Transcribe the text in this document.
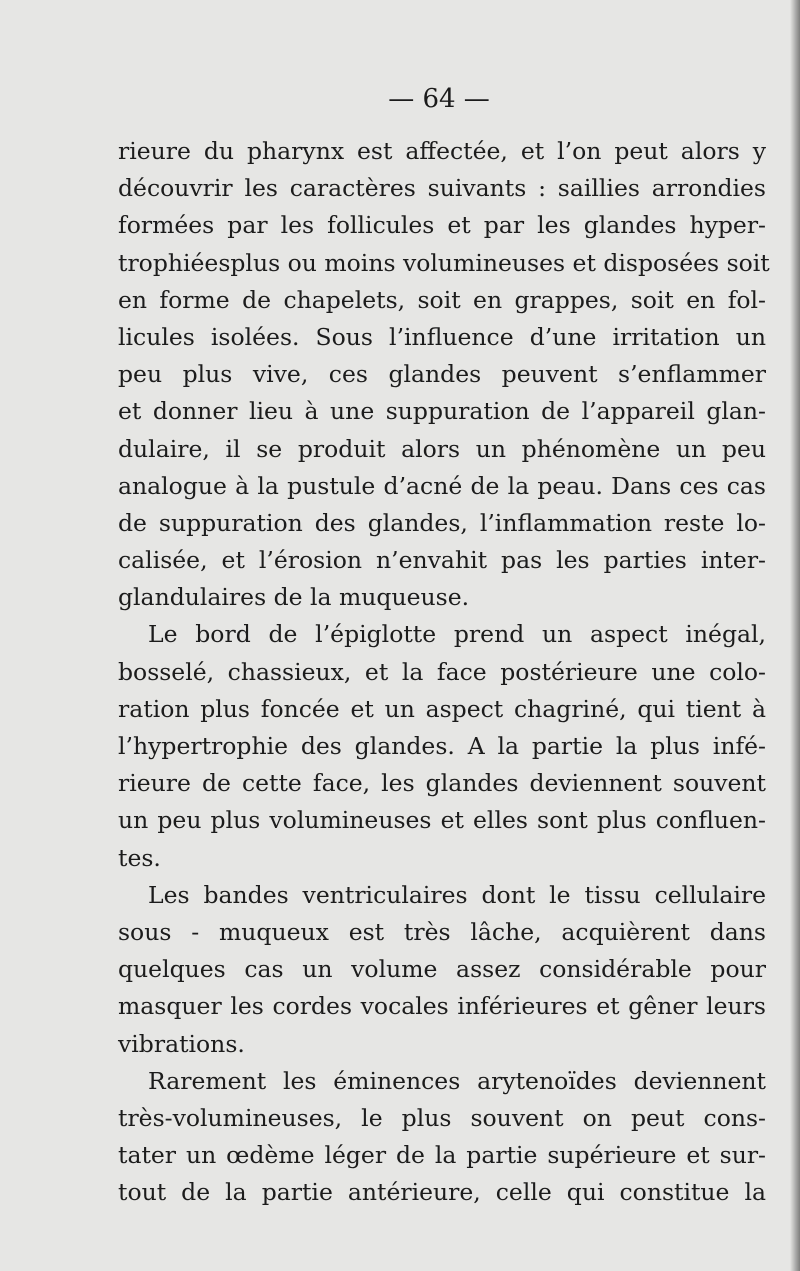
— 64 —
rieure du pharynx est affectée, et l’on peut alors y
découvrir les caractères suivants : saillies arrondies
formées par les follicules et par les glandes hyper-
trophiéesplus ou moins volumineuses et disposées soit
en forme de chapelets, soit en grappes, soit en fol-
licules isolées. Sous l’influence d’une irritation un
peu plus vive, ces glandes peuvent s’enflammer
et donner lieu à une suppuration de l’appareil glan-
dulaire, il se produit alors un phénomène un peu
analogue à la pustule d’acné de la peau. Dans ces cas
de suppuration des glandes, l’inflammation reste lo-
calisée, et l’érosion n’envahit pas les parties inter-
glandulaires de la muqueuse.
Le bord de l’épiglotte prend un aspect inégal,
bosselé, chassieux, et la face postérieure une colo-
ration plus foncée et un aspect chagriné, qui tient à
l’hypertrophie des glandes. A la partie la plus infé-
rieure de cette face, les glandes deviennent souvent
un peu plus volumineuses et elles sont plus confluen-
tes.
Les bandes ventriculaires dont le tissu cellulaire
sous - muqueux est très lâche, acquièrent dans
quelques cas un volume assez considérable pour
masquer les cordes vocales inférieures et gêner leurs
vibrations.
Rarement les éminences arytenoïdes deviennent
très-volumineuses, le plus souvent on peut cons-
tater un œdème léger de la partie supérieure et sur-
tout de la partie antérieure, celle qui constitue la
